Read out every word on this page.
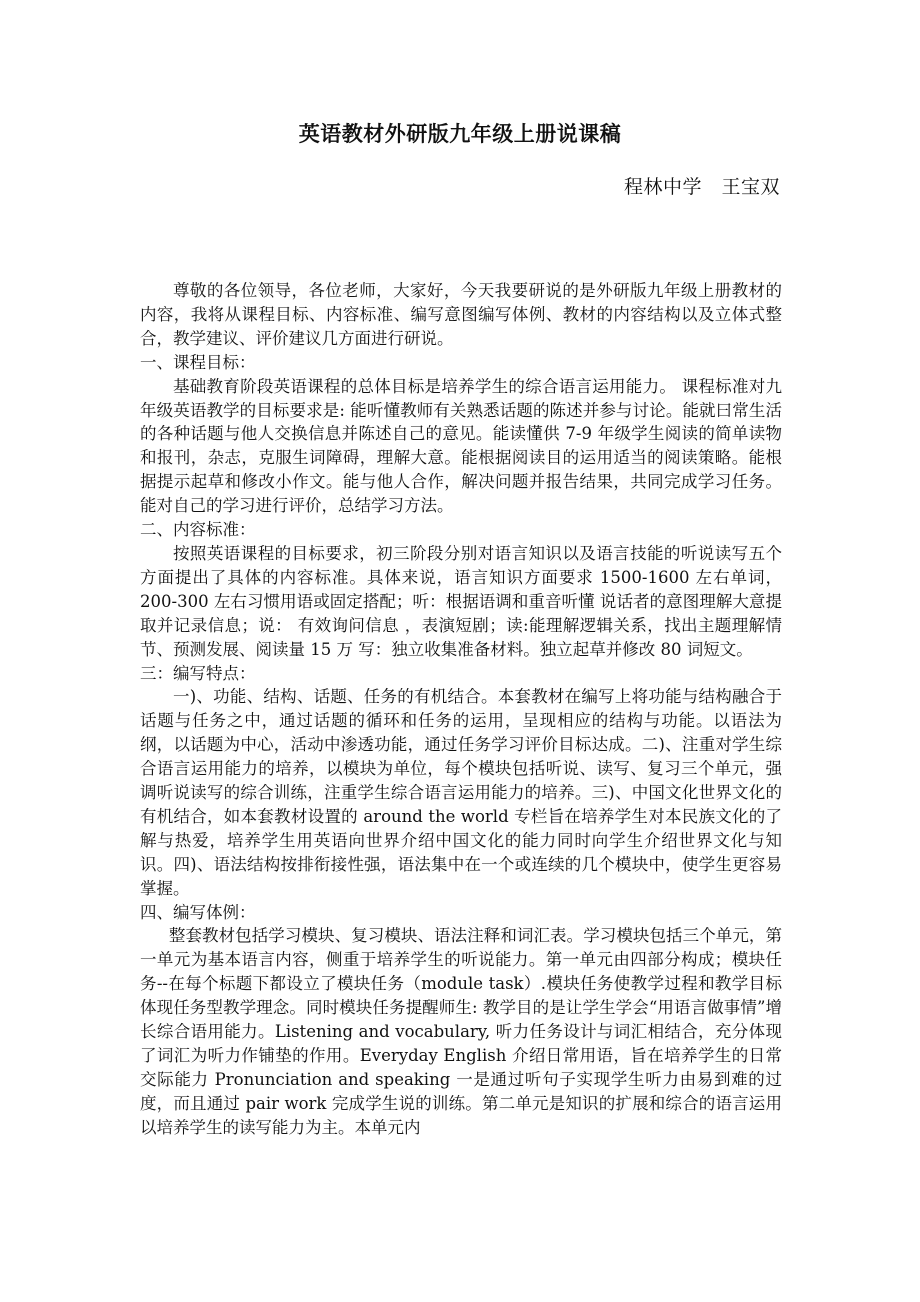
英语教材外研版九年级上册说课稿

程林中学　王宝双

尊敬的各位领导，各位老师，大家好，今天我要研说的是外研版九年级上册教材的内容，我将从课程目标、内容标准、编写意图编写体例、教材的内容结构以及立体式整合，教学建议、评价建议几方面进行研说。

一、课程目标：

基础教育阶段英语课程的总体目标是培养学生的综合语言运用能力。 课程标准对九年级英语教学的目标要求是: 能听懂教师有关熟悉话题的陈述并参与讨论。能就曰常生活的各种话题与他人交换信息并陈述自己的意见。能读懂供 7-9 年级学生阅读的简单读物和报刊，杂志，克服生词障碍，理解大意。能根据阅读目的运用适当的阅读策略。能根据提示起草和修改小作文。能与他人合作，解决问题并报告结果，共同完成学习任务。能对自己的学习进行评价，总结学习方法。

二、内容标准：

按照英语课程的目标要求，初三阶段分别对语言知识以及语言技能的听说读写五个方面提出了具体的内容标准。具体来说，语言知识方面要求 1500-1600 左右单词，200-300 左右习惯用语或固定搭配；听：根据语调和重音听懂 说话者的意图理解大意提取并记录信息；说： 有效询问信息 ，表演短剧；读:能理解逻辑关系，找出主题理解情节、预测发展、阅读量 15 万 写：独立收集准备材料。独立起草并修改 80 词短文。

三：编写特点：

一)、功能、结构、话题、任务的有机结合。本套教材在编写上将功能与结构融合于话题与任务之中，通过话题的循环和任务的运用，呈现相应的结构与功能。以语法为纲，以话题为中心，活动中渗透功能，通过任务学习评价目标达成。二)、注重对学生综合语言运用能力的培养，以模块为单位，每个模块包括听说、读写、复习三个单元，强调听说读写的综合训练，注重学生综合语言运用能力的培养。三)、中国文化世界文化的有机结合，如本套教材设置的 around the world 专栏旨在培养学生对本民族文化的了解与热爱，培养学生用英语向世界介绍中国文化的能力同时向学生介绍世界文化与知识。四)、语法结构按排衔接性强，语法集中在一个或连续的几个模块中，使学生更容易掌握。

四、编写体例：

整套教材包括学习模块、复习模块、语法注释和词汇表。学习模块包括三个单元，第一单元为基本语言内容，侧重于培养学生的听说能力。第一单元由四部分构成；模块任务--在每个标题下都设立了模块任务（module task）.模块任务使教学过程和教学目标体现任务型教学理念。同时模块任务提醒师生: 教学目的是让学生学会“用语言做事情”增长综合语用能力。Listening and vocabulary, 听力任务设计与词汇相结合，充分体现了词汇为听力作铺垫的作用。Everyday English 介绍日常用语，旨在培养学生的日常交际能力 Pronunciation and speaking 一是通过听句子实现学生听力由易到难的过度，而且通过 pair work 完成学生说的训练。第二单元是知识的扩展和综合的语言运用以培养学生的读写能力为主。本单元内
